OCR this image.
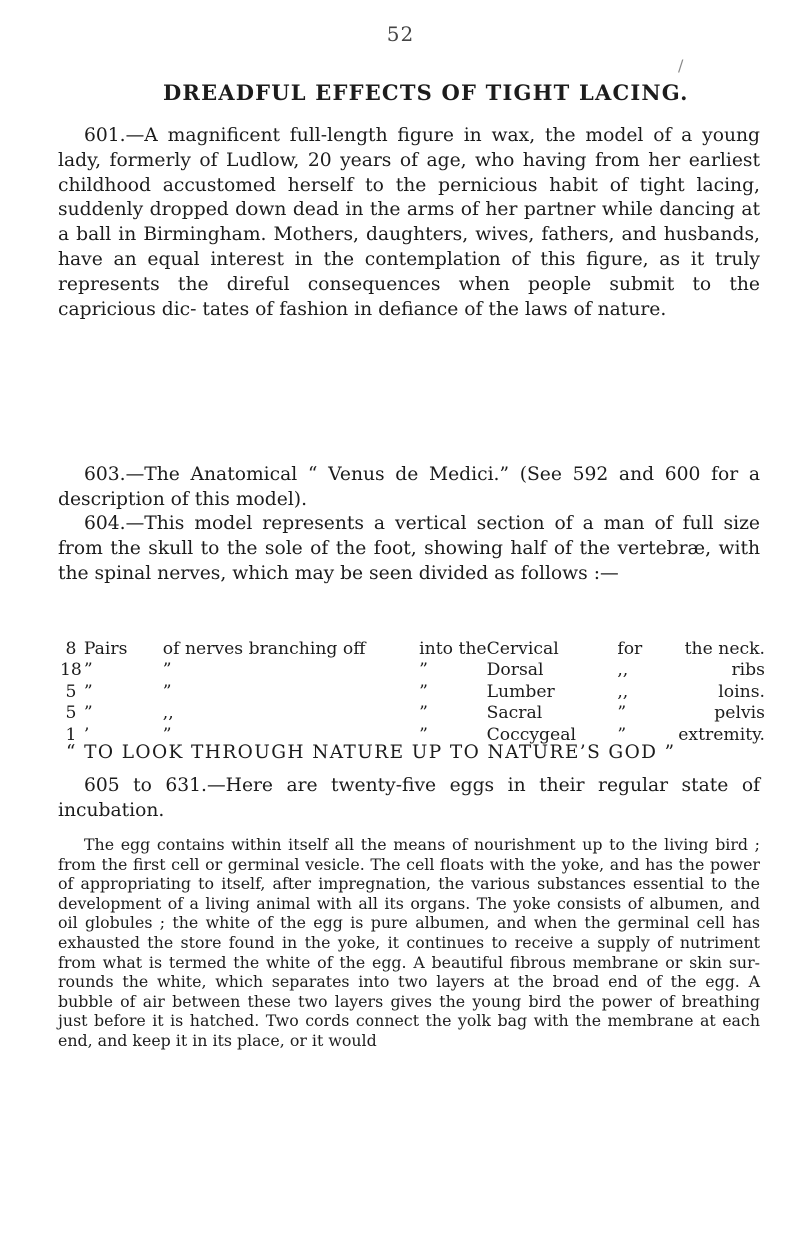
52
/
DREADFUL EFFECTS OF TIGHT LACING.

601.—A magnificent full-length figure in wax, the model of a young lady, formerly of Ludlow, 20 years of age, who having from her earliest childhood accustomed herself to the pernicious habit of tight lacing, suddenly dropped down dead in the arms of her partner while dancing at a ball in Birmingham. Mothers, daughters, wives, fathers, and husbands, have an equal interest in the contemplation of this figure, as it truly represents the direful consequences when people submit to the capricious dic- tates of fashion in defiance of the laws of nature.

603.—The Anatomical “ Venus de Medici.” (See 592 and 600 for a description of this model).

604.—This model represents a vertical section of a man of full size from the skull to the sole of the foot, showing half of the vertebræ, with the spinal nerves, which may be seen divided as follows :—

8	Pairs	of nerves branching off	into the	Cervical	for	the neck.
18	”	”	”	Dorsal	,,	ribs
5	”	”	”	Lumber	,,	loins.
5	”	,,	”	Sacral	”	pelvis
1	’	”	”	Coccygeal	”	extremity.
“ TO LOOK THROUGH NATURE UP TO NATURE’S GOD ”

605 to 631.—Here are twenty-five eggs in their regular state of incubation.

The egg contains within itself all the means of nourishment up to the living bird ; from the first cell or germinal vesicle. The cell floats with the yoke, and has the power of appropriating to itself, after impregnation, the various substances essential to the development of a living animal with all its organs. The yoke consists of albumen, and oil globules ; the white of the egg is pure albumen, and when the germinal cell has exhausted the store found in the yoke, it continues to receive a supply of nutriment from what is termed the white of the egg. A beautiful fibrous membrane or skin sur- rounds the white, which separates into two layers at the broad end of the egg. A bubble of air between these two layers gives the young bird the power of breathing just before it is hatched. Two cords connect the yolk bag with the membrane at each end, and keep it in its place, or it would
